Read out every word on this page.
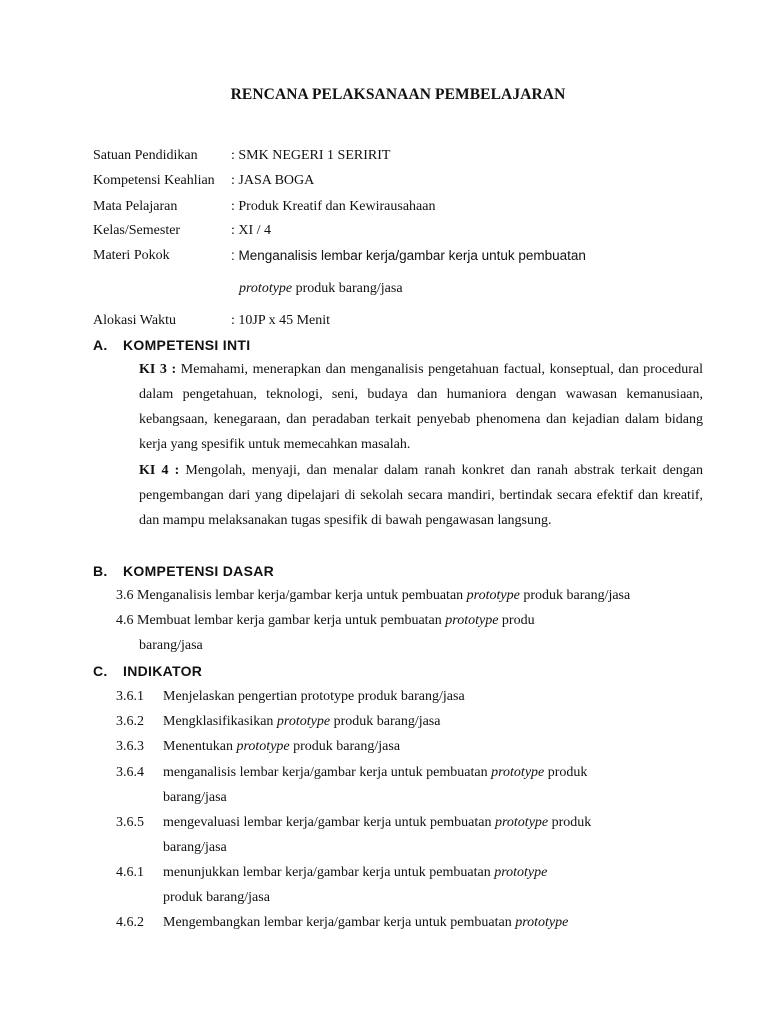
RENCANA PELAKSANAAN PEMBELAJARAN
Satuan Pendidikan : SMK NEGERI 1 SERIRIT
Kompetensi Keahlian : JASA BOGA
Mata Pelajaran	: Produk Kreatif dan Kewirausahaan
Kelas/Semester	: XI / 4
Materi Pokok	: Menganalisis lembar kerja/gambar kerja untuk pembuatan
prototype produk barang/jasa
Alokasi Waktu	: 10JP x 45 Menit
A. KOMPETENSI INTI
KI 3 : Memahami, menerapkan dan menganalisis pengetahuan factual, konseptual, dan procedural dalam pengetahuan, teknologi, seni, budaya dan humaniora dengan wawasan kemanusiaan, kebangsaan, kenegaraan, dan peradaban terkait penyebab phenomena dan kejadian dalam bidang kerja yang spesifik untuk memecahkan masalah.
KI 4 : Mengolah, menyaji, dan menalar dalam ranah konkret dan ranah abstrak terkait dengan pengembangan dari yang dipelajari di sekolah secara mandiri, bertindak secara efektif dan kreatif, dan mampu melaksanakan tugas spesifik di bawah pengawasan langsung.
B. KOMPETENSI DASAR
3.6 Menganalisis lembar kerja/gambar kerja untuk pembuatan prototype produk barang/jasa
4.6 Membuat lembar kerja gambar kerja untuk pembuatan prototype produ
barang/jasa
C. INDIKATOR
3.6.1 Menjelaskan pengertian prototype produk barang/jasa
3.6.2 Mengklasifikasikan prototype produk barang/jasa
3.6.3 Menentukan prototype produk barang/jasa
3.6.4 menganalisis lembar kerja/gambar kerja untuk pembuatan prototype produk
barang/jasa
3.6.5 mengevaluasi lembar kerja/gambar kerja untuk pembuatan prototype produk
barang/jasa
4.6.1 menunjukkan lembar kerja/gambar kerja untuk pembuatan prototype
produk barang/jasa
4.6.2 Mengembangkan lembar kerja/gambar kerja untuk pembuatan prototype
